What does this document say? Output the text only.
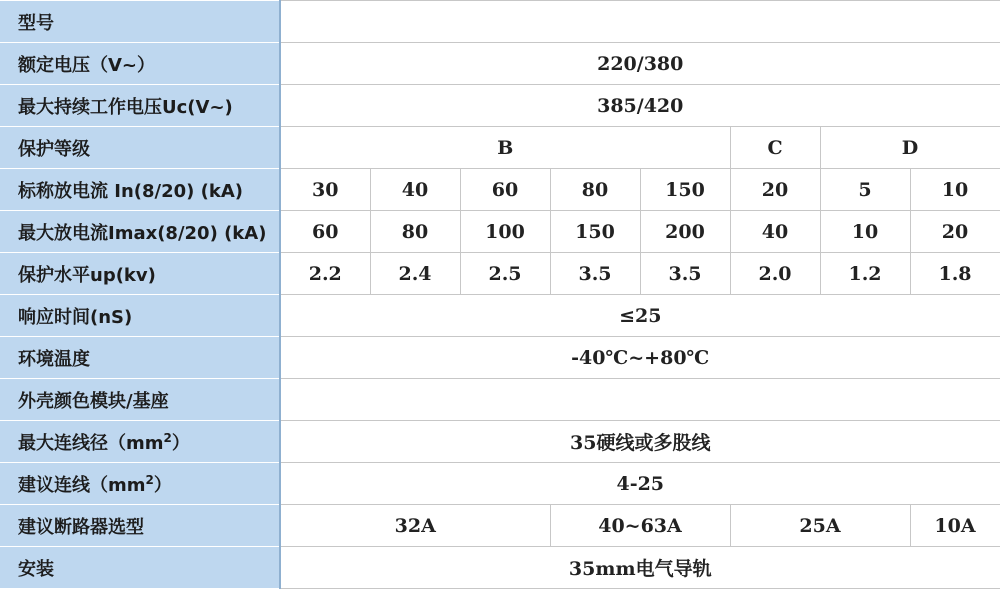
型号								
额定电压（V~）	220/380							
最大持续工作电压Uc(V~)	385/420							
保护等级	B					C	D	
标称放电流 In(8/20) (kA)	30	40	60	80	150	20	5	10
最大放电流Imax(8/20) (kA)	60	80	100	150	200	40	10	20
保护水平up(kv)	2.2	2.4	2.5	3.5	3.5	2.0	1.2	1.8
响应时间(nS)	≤25							
环境温度	-40℃~+80℃							
外壳颜色模块/基座								
最大连线径$(mm^2)$	35硬线或多股线							
建议连线$(mm^2)$	4-25							
建议断路器选型	32A			40~63A		25A		10A
安装	35mm电气导轨							
